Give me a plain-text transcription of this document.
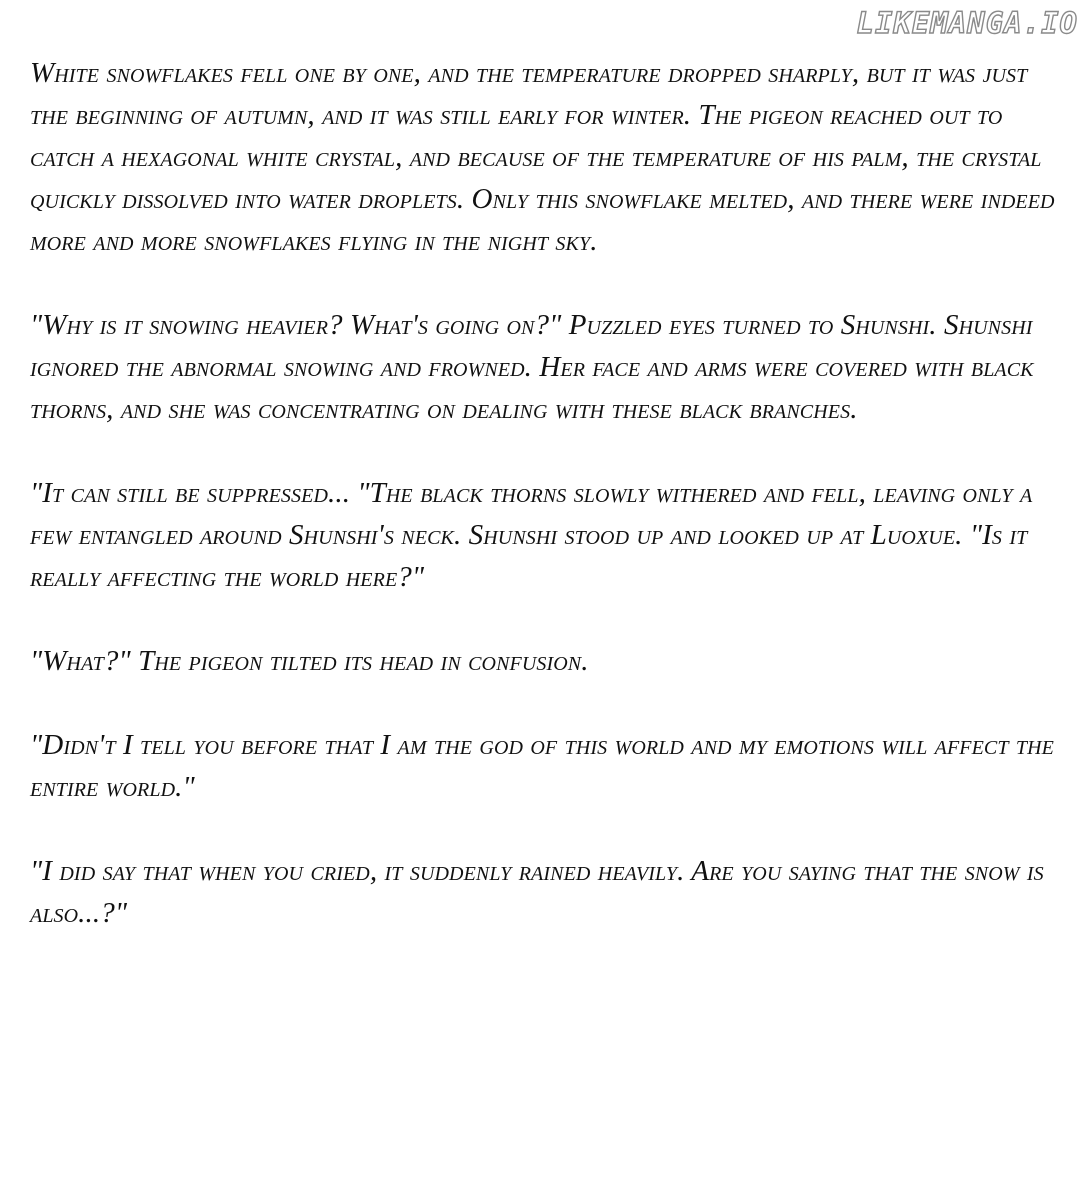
LIKEMANGA.IO

White snowflakes fell one by one, and the temperature dropped sharply, but it was just the beginning of autumn, and it was still early for winter. The pigeon reached out to catch a hexagonal white crystal, and because of the temperature of his palm, the crystal quickly dissolved into water droplets. Only this snowflake melted, and there were indeed more and more snowflakes flying in the night sky.

"Why is it snowing heavier? What's going on?" Puzzled eyes turned to Shunshi. Shunshi ignored the abnormal snowing and frowned. Her face and arms were covered with black thorns, and she was concentrating on dealing with these black branches.

"It can still be suppressed... "The black thorns slowly withered and fell, leaving only a few entangled around Shunshi's neck. Shunshi stood up and looked up at Luoxue. "Is it really affecting the world here?"

"What?" The pigeon tilted its head in confusion.

"Didn't I tell you before that I am the god of this world and my emotions will affect the entire world."

"I did say that when you cried, it suddenly rained heavily. Are you saying that the snow is also...?"
